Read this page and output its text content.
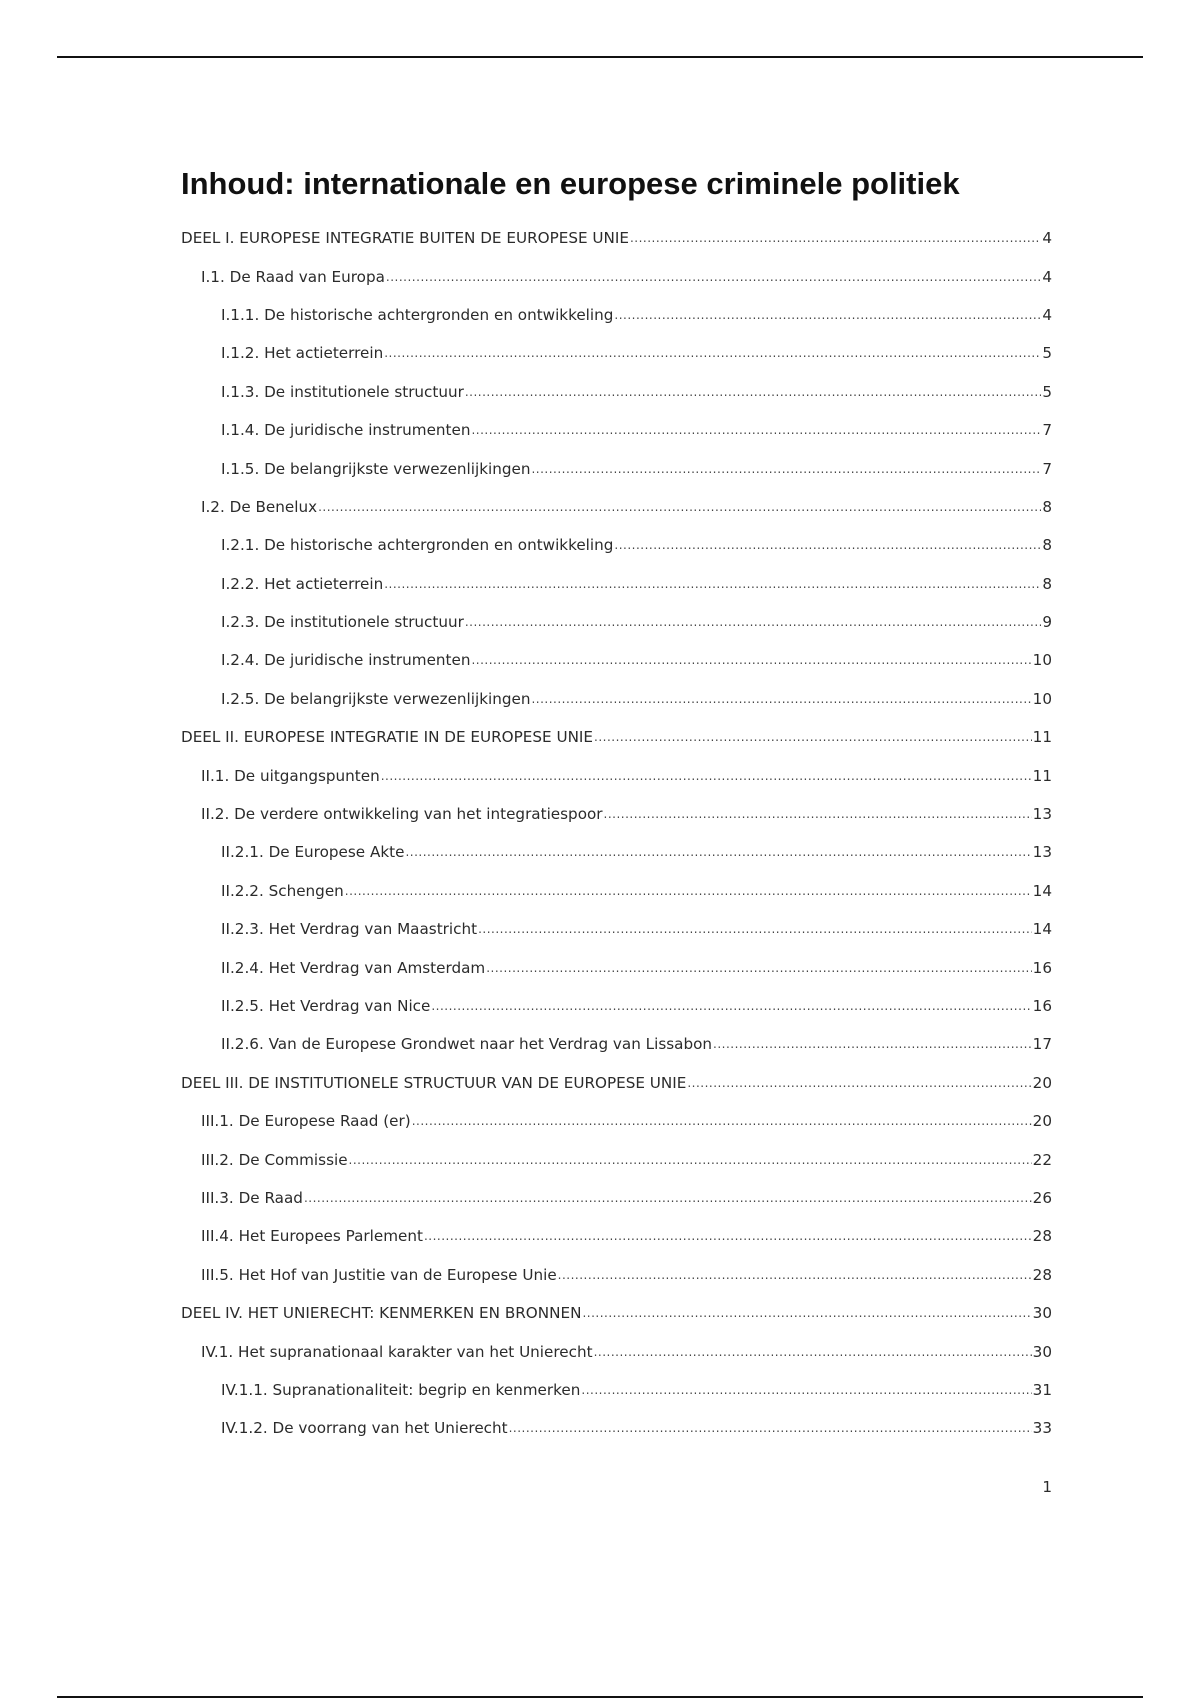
Inhoud: internationale en europese criminele politiek
DEEL I. EUROPESE INTEGRATIE BUITEN DE EUROPESE UNIE .....	4
I.1. De Raad van Europa .....	4
I.1.1. De historische achtergronden en ontwikkeling .....	4
I.1.2. Het actieterrein .....	5
I.1.3. De institutionele structuur .....	5
I.1.4. De juridische instrumenten .....	7
I.1.5. De belangrijkste verwezenlijkingen .....	7
I.2. De Benelux .....	8
I.2.1. De historische achtergronden en ontwikkeling .....	8
I.2.2. Het actieterrein .....	8
I.2.3. De institutionele structuur .....	9
I.2.4. De juridische instrumenten .....	10
I.2.5. De belangrijkste verwezenlijkingen .....	10
DEEL II. EUROPESE INTEGRATIE IN DE EUROPESE UNIE .....	11
II.1. De uitgangspunten .....	11
II.2. De verdere ontwikkeling van het integratiespoor .....	13
II.2.1. De Europese Akte .....	13
II.2.2. Schengen .....	14
II.2.3. Het Verdrag van Maastricht .....	14
II.2.4. Het Verdrag van Amsterdam .....	16
II.2.5. Het Verdrag van Nice .....	16
II.2.6. Van de Europese Grondwet naar het Verdrag van Lissabon .....	17
DEEL III. DE INSTITUTIONELE STRUCTUUR VAN DE EUROPESE UNIE .....	20
III.1. De Europese Raad (er) .....	20
III.2. De Commissie .....	22
III.3. De Raad .....	26
III.4. Het Europees Parlement .....	28
III.5. Het Hof van Justitie van de Europese Unie .....	28
DEEL IV. HET UNIERECHT: KENMERKEN EN BRONNEN .....	30
IV.1. Het supranationaal karakter van het Unierecht .....	30
IV.1.1. Supranationaliteit: begrip en kenmerken .....	31
IV.1.2. De voorrang van het Unierecht .....	33
1
